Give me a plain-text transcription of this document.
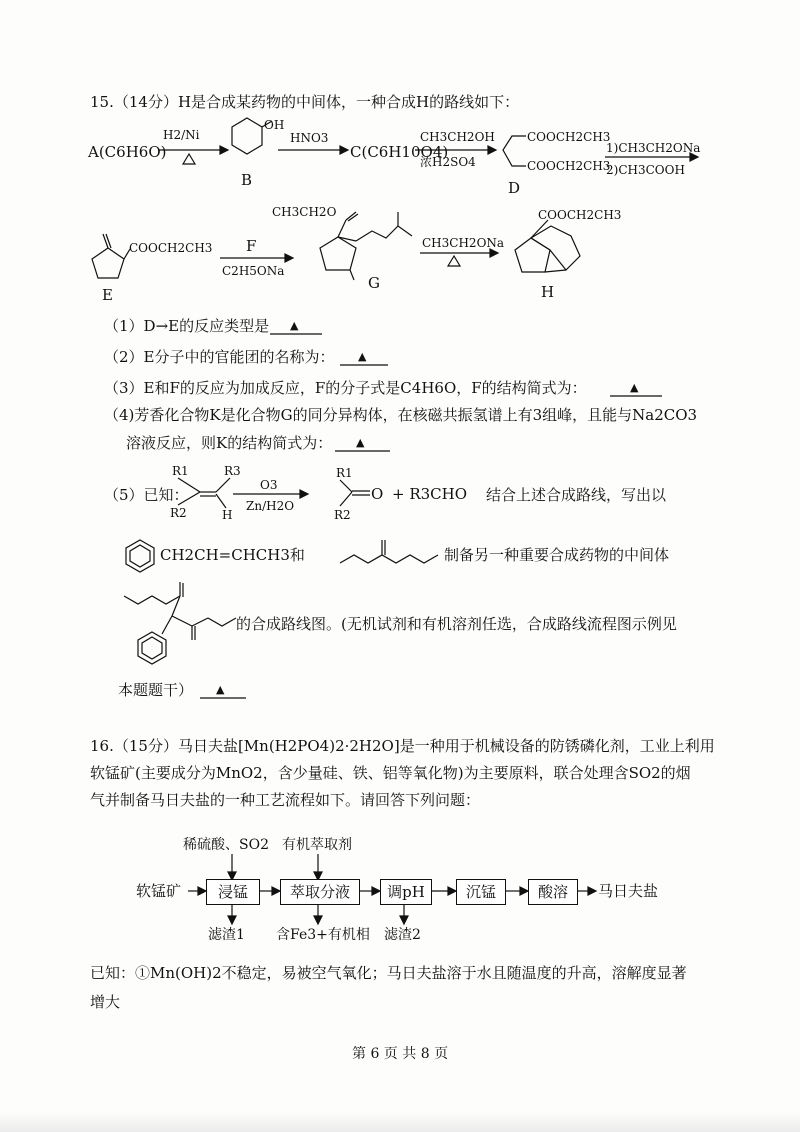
15.（14分）H是合成某药物的中间体，一种合成H的路线如下：
A(C6H6O)
H2/Ni
OH
B
HNO3
C(C6H10O4)
CH3CH2OH
浓H2SO4
COOCH2CH3
COOCH2CH3
D
1)CH3CH2ONa
2)CH3COOH
COOCH2CH3
E
F
C2H5ONa
CH3CH2O
G
CH3CH2ONa
COOCH2CH3
H
（1）D→E的反应类型是 ▲
（2）E分子中的官能团的名称为： ▲
（3）E和F的反应为加成反应，F的分子式是C4H6O，F的结构简式为：	▲
（4)芳香化合物K是化合物G的同分异构体，在核磁共振氢谱上有3组峰，且能与Na2CO3
溶液反应，则K的结构简式为： ▲
（5）已知：
R1
R2
R3
H
O3
Zn/H2O
R1
R2
O + R3CHO 结合上述合成路线，写出以
CH2CH=CHCH3和	制备另一种重要合成药物的中间体
的合成路线图。(无机试剂和有机溶剂任选，合成路线流程图示例见
本题题干） ▲
16.（15分）马日夫盐[Mn(H2PO4)2·2H2O]是一种用于机械设备的防锈磷化剂，工业上利用
软锰矿(主要成分为MnO2，含少量硅、铁、铝等氧化物)为主要原料，联合处理含SO2的烟
气并制备马日夫盐的一种工艺流程如下。请回答下列问题：
稀硫酸、SO2 有机萃取剂
软锰矿	浸锰	萃取分液	调pH	沉锰	酸溶	马日夫盐
滤渣1 含Fe3+有机相 滤渣2
已知：①Mn(OH)2不稳定，易被空气氧化；马日夫盐溶于水且随温度的升高，溶解度显著
增大
第 6 页 共 8 页
